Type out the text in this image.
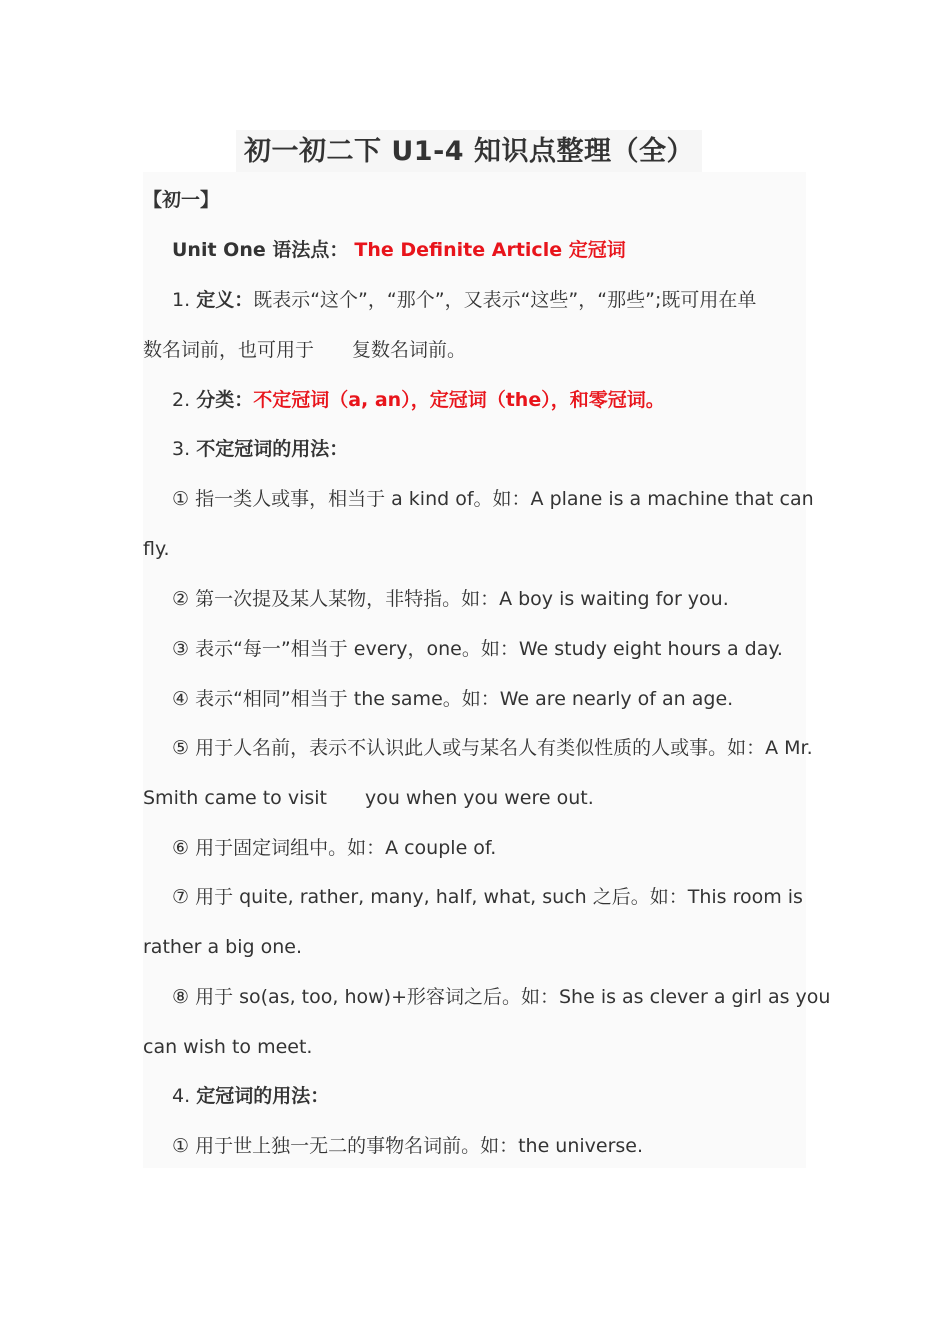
初一初二下 U1-4 知识点整理（全）
【初一】
Unit One 语法点： The Definite Article 定冠词
1. 定义：既表示“这个”，“那个”，又表示“这些”，“那些”;既可用在单
数名词前，也可用于　　复数名词前。
2. 分类：不定冠词（a, an），定冠词（the），和零冠词。
3. 不定冠词的用法：
① 指一类人或事，相当于 a kind of。如：A plane is a machine that can
fly.
② 第一次提及某人某物，非特指。如：A boy is waiting for you.
③ 表示“每一”相当于 every，one。如：We study eight hours a day.
④ 表示“相同”相当于 the same。如：We are nearly of an age.
⑤ 用于人名前，表示不认识此人或与某名人有类似性质的人或事。如：A Mr.
Smith came to visit　　you when you were out.
⑥ 用于固定词组中。如：A couple of.
⑦ 用于 quite, rather, many, half, what, such 之后。如：This room is
rather a big one.
⑧ 用于 so(as, too, how)+形容词之后。如：She is as clever a girl as you
can wish to meet.
4. 定冠词的用法：
① 用于世上独一无二的事物名词前。如：the universe.
